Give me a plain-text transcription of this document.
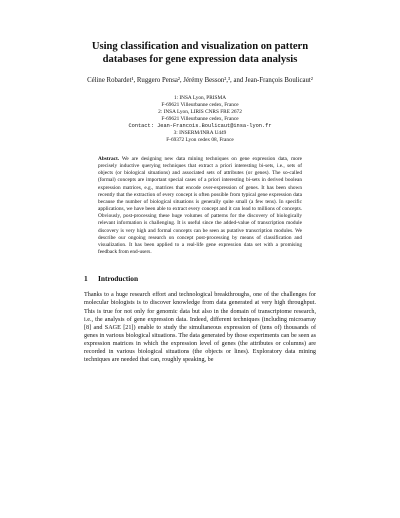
Using classification and visualization on pattern databases for gene expression data analysis
Céline Robardet¹, Ruggero Pensa², Jérémy Besson²,³, and Jean-François Boulicaut²
1: INSA Lyon, PRISMA
F-69621 Villeurbanne cedex, France
2: INSA Lyon, LIRIS CNRS FRE 2672
F-69621 Villeurbanne cedex, France
Contact: Jean-Francois.Boulicaut@insa-lyon.fr
3: INSERM/INRA U449
F-69372 Lyon cedex 08, France
Abstract. We are designing new data mining techniques on gene expression data, more precisely inductive querying techniques that extract a priori interesting bi-sets, i.e., sets of objects (or biological situations) and associated sets of attributes (or genes). The so-called (formal) concepts are important special cases of a priori interesting bi-sets in derived boolean expression matrices, e.g., matrices that encode over-expression of genes. It has been shown recently that the extraction of every concept is often possible from typical gene expression data because the number of biological situations is generally quite small (a few tens). In specific applications, we have been able to extract every concept and it can lead to millions of concepts. Obviously, post-processing these huge volumes of patterns for the discovery of biologically relevant information is challenging. It is useful since the added-value of transcription module discovery is very high and formal concepts can be seen as putative transcription modules. We describe our ongoing research on concept post-processing by means of classification and visualization. It has been applied to a real-life gene expression data set with a promising feedback from end-users.
1 Introduction
Thanks to a huge research effort and technological breakthroughs, one of the challenges for molecular biologists is to discover knowledge from data generated at very high throughput. This is true for not only for genomic data but also in the domain of transcriptome research, i.e., the analysis of gene expression data. Indeed, different techniques (including microarray [8] and SAGE [21]) enable to study the simultaneous expression of (tens of) thousands of genes in various biological situations. The data generated by those experiments can be seen as expression matrices in which the expression level of genes (the attributes or columns) are recorded in various biological situations (the objects or lines). Exploratory data mining techniques are needed that can, roughly speaking, be
